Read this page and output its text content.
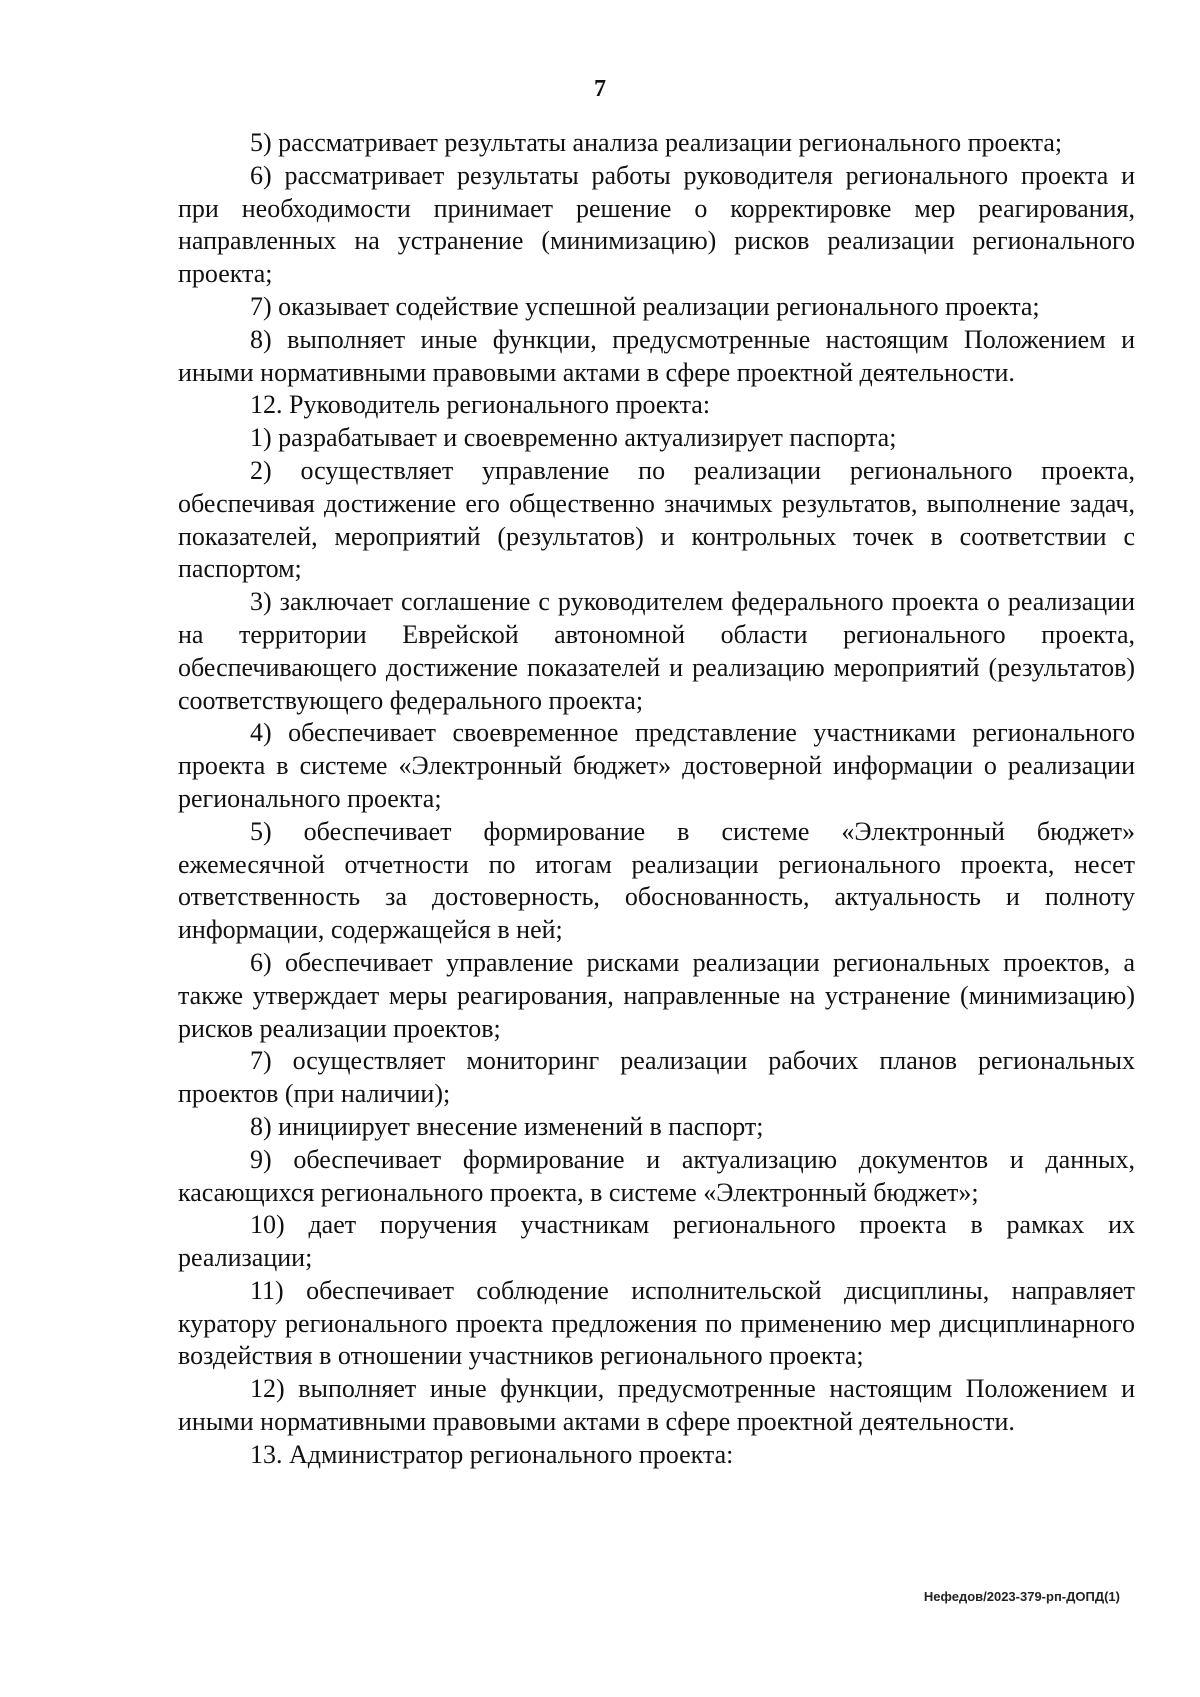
7

5) рассматривает результаты анализа реализации регионального проекта;

6) рассматривает результаты работы руководителя регионального проекта и при необходимости принимает решение о корректировке мер реагирования, направленных на устранение (минимизацию) рисков реализации регионального проекта;

7) оказывает содействие успешной реализации регионального проекта;

8) выполняет иные функции, предусмотренные настоящим Положением и иными нормативными правовыми актами в сфере проектной деятельности.

12. Руководитель регионального проекта:

1) разрабатывает и своевременно актуализирует паспорта;

2) осуществляет управление по реализации регионального проекта, обеспечивая достижение его общественно значимых результатов, выполнение задач, показателей, мероприятий (результатов) и контрольных точек в соответствии с паспортом;

3) заключает соглашение с руководителем федерального проекта о реализации на территории Еврейской автономной области регионального проекта, обеспечивающего достижение показателей и реализацию мероприятий (результатов) соответствующего федерального проекта;

4) обеспечивает своевременное представление участниками регионального проекта в системе «Электронный бюджет» достоверной информации о реализации регионального проекта;

5) обеспечивает формирование в системе «Электронный бюджет» ежемесячной отчетности по итогам реализации регионального проекта, несет ответственность за достоверность, обоснованность, актуальность и полноту информации, содержащейся в ней;

6) обеспечивает управление рисками реализации региональных проектов, а также утверждает меры реагирования, направленные на устранение (минимизацию) рисков реализации проектов;

7) осуществляет мониторинг реализации рабочих планов региональных проектов (при наличии);

8) инициирует внесение изменений в паспорт;

9) обеспечивает формирование и актуализацию документов и данных, касающихся регионального проекта, в системе «Электронный бюджет»;

10) дает поручения участникам регионального проекта в рамках их реализации;

11) обеспечивает соблюдение исполнительской дисциплины, направляет куратору регионального проекта предложения по применению мер дисциплинарного воздействия в отношении участников регионального проекта;

12) выполняет иные функции, предусмотренные настоящим Положением и иными нормативными правовыми актами в сфере проектной деятельности.

13. Администратор регионального проекта:

Нефедов/2023-379-рп-ДОПД(1)
